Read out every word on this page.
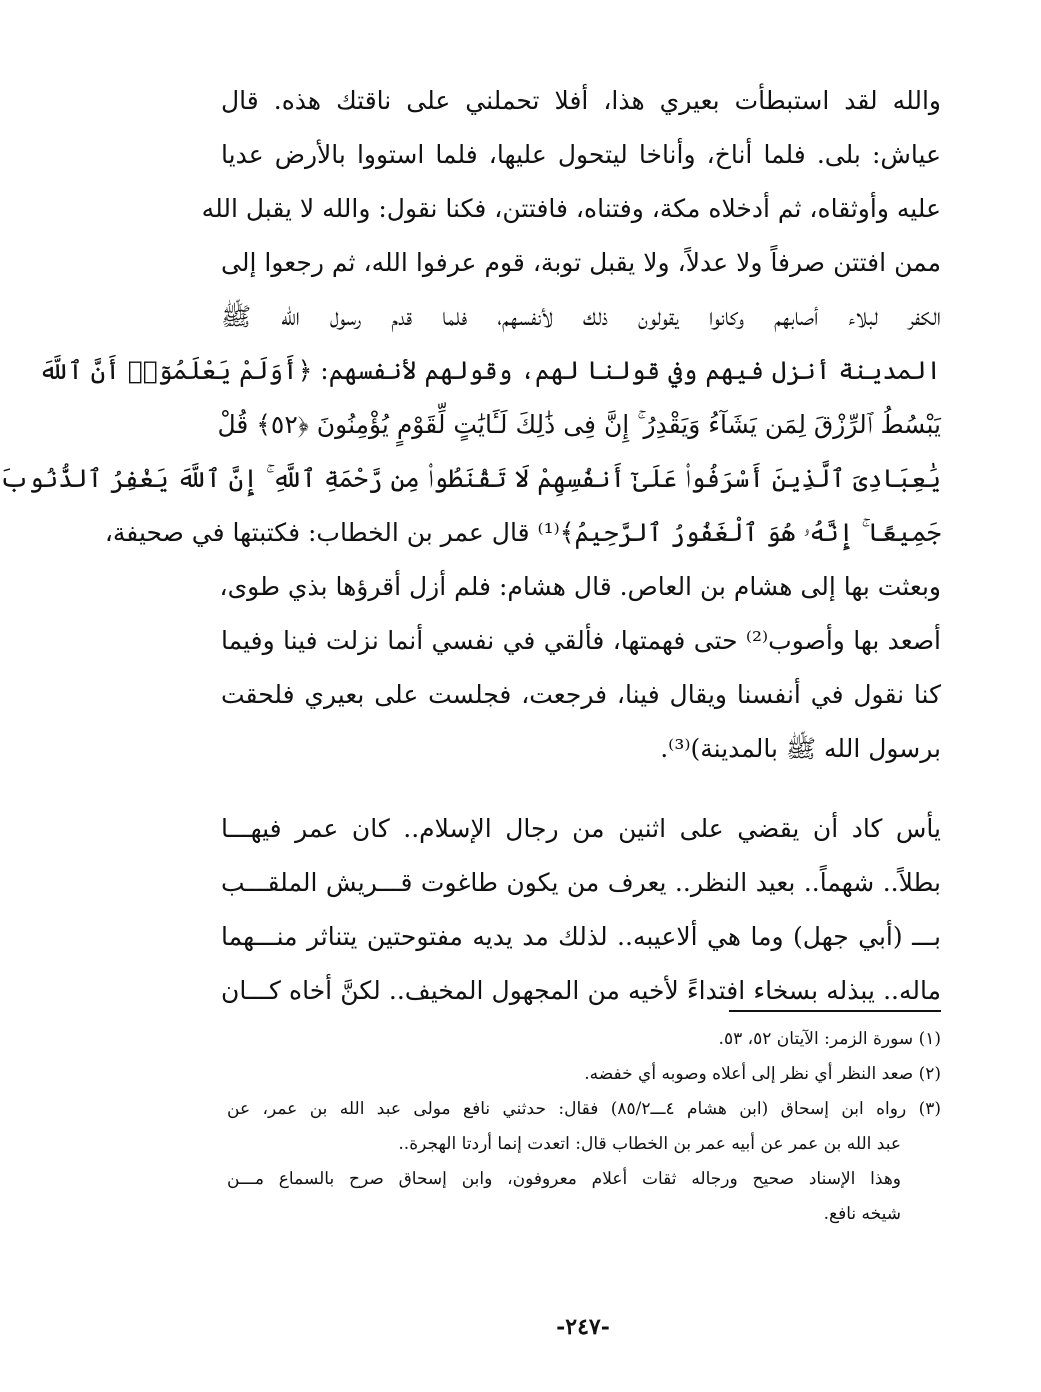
والله لقد استبطأت بعيري هذا، أفلا تحملني على ناقتك هذه. قال
عياش: بلى. فلما أناخ، وأناخا ليتحول عليها، فلما استووا بالأرض عديا
عليه وأوثقاه، ثم أدخلاه مكة، وفتناه، فافتتن، فكنا نقول: والله لا يقبل الله
ممن افتتن صرفاً ولا عدلاً، ولا يقبل توبة، قوم عرفوا الله، ثم رجعوا إلى
الكفر لبلاء أصابهم وكانوا يقولون ذلك لأنفسهم، فلما قدم رسول الله ﷺ
المدينة أنزل فيهم وفي قولنا لهم، وقولهم لأنفسهم: ﴿أَوَلَمْ يَعْلَمُوٓا۟ أَنَّ ٱللَّهَ
يَبْسُطُ ٱلرِّزْقَ لِمَن يَشَآءُ وَيَقْدِرُ ۚ إِنَّ فِى ذَٰلِكَ لَـَٔايَٰتٍ لِّقَوْمٍ يُؤْمِنُونَ ﴿٥٢﴾ قُلْ
يَٰعِبَادِىَ ٱلَّذِينَ أَسْرَفُوا۟ عَلَىٰٓ أَنفُسِهِمْ لَا تَقْنَطُوا۟ مِن رَّحْمَةِ ٱللَّهِ ۚ إِنَّ ٱللَّهَ يَغْفِرُ ٱلذُّنُوبَ
جَمِيعًا ۚ إِنَّهُۥ هُوَ ٱلْغَفُورُ ٱلرَّحِيمُ﴾⁽¹⁾ قال عمر بن الخطاب: فكتبتها في صحيفة،
وبعثت بها إلى هشام بن العاص. قال هشام: فلم أزل أقرؤها بذي طوى،
أصعد بها وأصوب⁽²⁾ حتى فهمتها، فألقي في نفسي أنما نزلت فينا وفيما
كنا نقول في أنفسنا ويقال فينا، فرجعت، فجلست على بعيري فلحقت
برسول الله ﷺ بالمدينة)⁽³⁾.
يأس كاد أن يقضي على اثنين من رجال الإسلام.. كان عمر فيهـــا
بطلاً.. شهماً.. بعيد النظر.. يعرف من يكون طاغوت قـــريش الملقـــب
بـــ (أبي جهل) وما هي ألاعيبه.. لذلك مد يديه مفتوحتين يتناثر منـــهما
ماله.. يبذله بسخاء افتداءً لأخيه من المجهول المخيف.. لكنَّ أخاه كـــان
(١) سورة الزمر: الآيتان ٥٢، ٥٣.
(٢) صعد النظر أي نظر إلى أعلاه وصوبه أي خفضه.
(٣) رواه ابن إسحاق (ابن هشام ٤ـــ٨٥/٢) فقال: حدثني نافع مولى عبد الله بن عمر، عن
عبد الله بن عمر عن أبيه عمر بن الخطاب قال: اتعدت إنما أردتا الهجرة..
وهذا الإسناد صحيح ورجاله ثقات أعلام معروفون، وابن إسحاق صرح بالسماع مـــن
شيخه نافع.
-٢٤٧-
